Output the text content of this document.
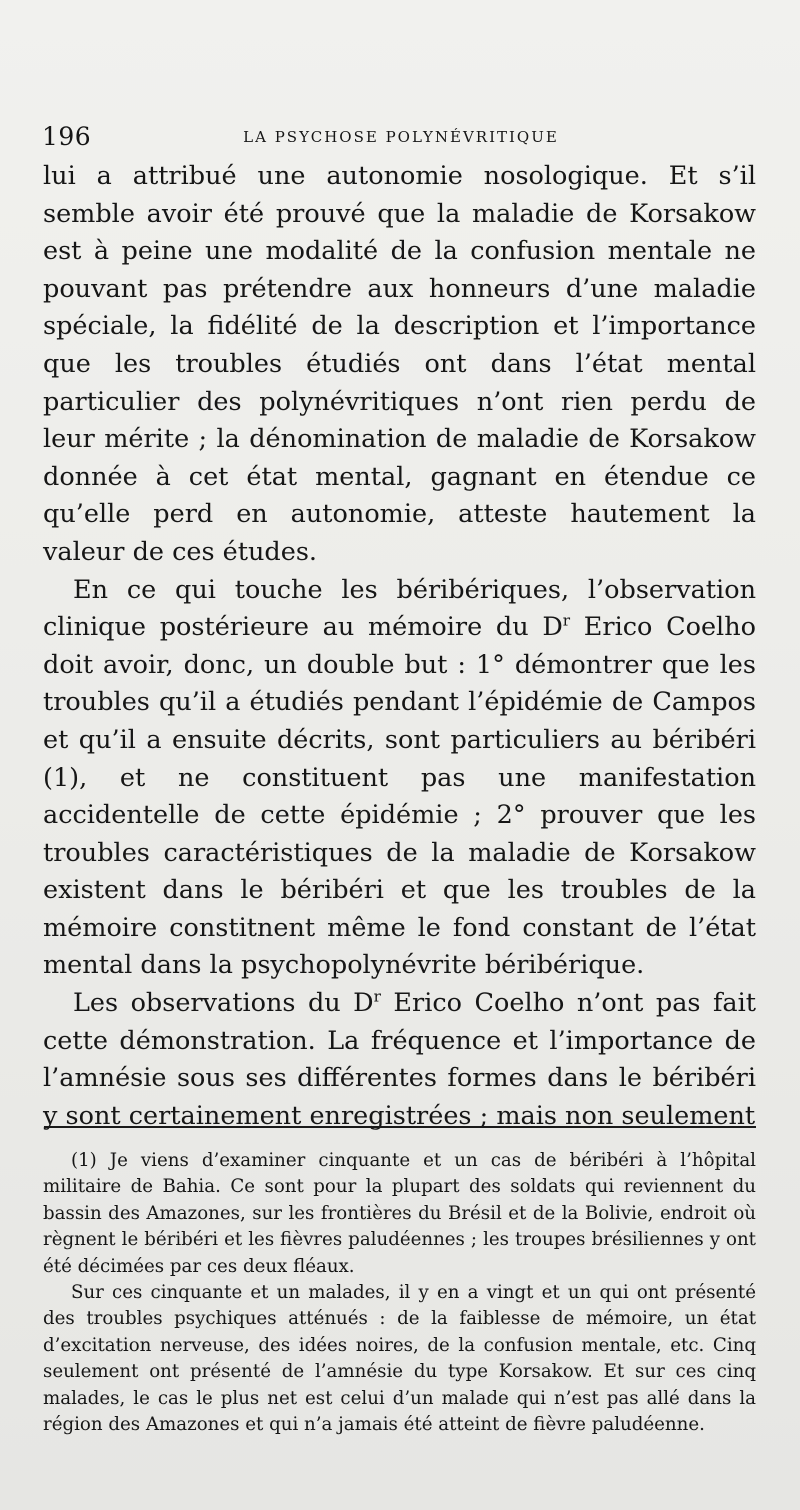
196	LA PSYCHOSE POLYNÉVRITIQUE

lui a attribué une autonomie nosologique. Et s’il semble avoir été prouvé que la maladie de Korsakow est à peine une modalité de la confusion mentale ne pouvant pas prétendre aux honneurs d’une maladie spéciale, la fidélité de la description et l’importance que les troubles étudiés ont dans l’état mental particulier des polynévritiques n’ont rien perdu de leur mérite ; la dénomination de maladie de Korsakow donnée à cet état mental, gagnant en étendue ce qu’elle perd en autonomie, atteste hautement la valeur de ces études.

En ce qui touche les béribériques, l’observation clinique postérieure au mémoire du $D^r$ Erico Coelho doit avoir, donc, un double but : 1° démontrer que les troubles qu’il a étudiés pendant l’épidémie de Campos et qu’il a ensuite décrits, sont particuliers au béribéri (1), et ne constituent pas une manifestation accidentelle de cette épidémie ; 2° prouver que les troubles caractéristiques de la maladie de Korsakow existent dans le béribéri et que les troubles de la mémoire constitnent même le fond constant de l’état mental dans la psychopolynévrite béribérique.

Les observations du $D^r$ Erico Coelho n’ont pas fait cette démonstration. La fréquence et l’importance de l’amnésie sous ses différentes formes dans le béribéri y sont certainement enregistrées ; mais non seulement

(1) Je viens d’examiner cinquante et un cas de béribéri à l’hôpital militaire de Bahia. Ce sont pour la plupart des soldats qui reviennent du bassin des Amazones, sur les frontières du Brésil et de la Bolivie, endroit où règnent le béribéri et les fièvres paludéennes ; les troupes brésiliennes y ont été décimées par ces deux fléaux.

Sur ces cinquante et un malades, il y en a vingt et un qui ont présenté des troubles psychiques atténués : de la faiblesse de mémoire, un état d’excitation nerveuse, des idées noires, de la confusion mentale, etc. Cinq seulement ont présenté de l’amnésie du type Korsakow. Et sur ces cinq malades, le cas le plus net est celui d’un malade qui n’est pas allé dans la région des Amazones et qui n’a jamais été atteint de fièvre paludéenne.
